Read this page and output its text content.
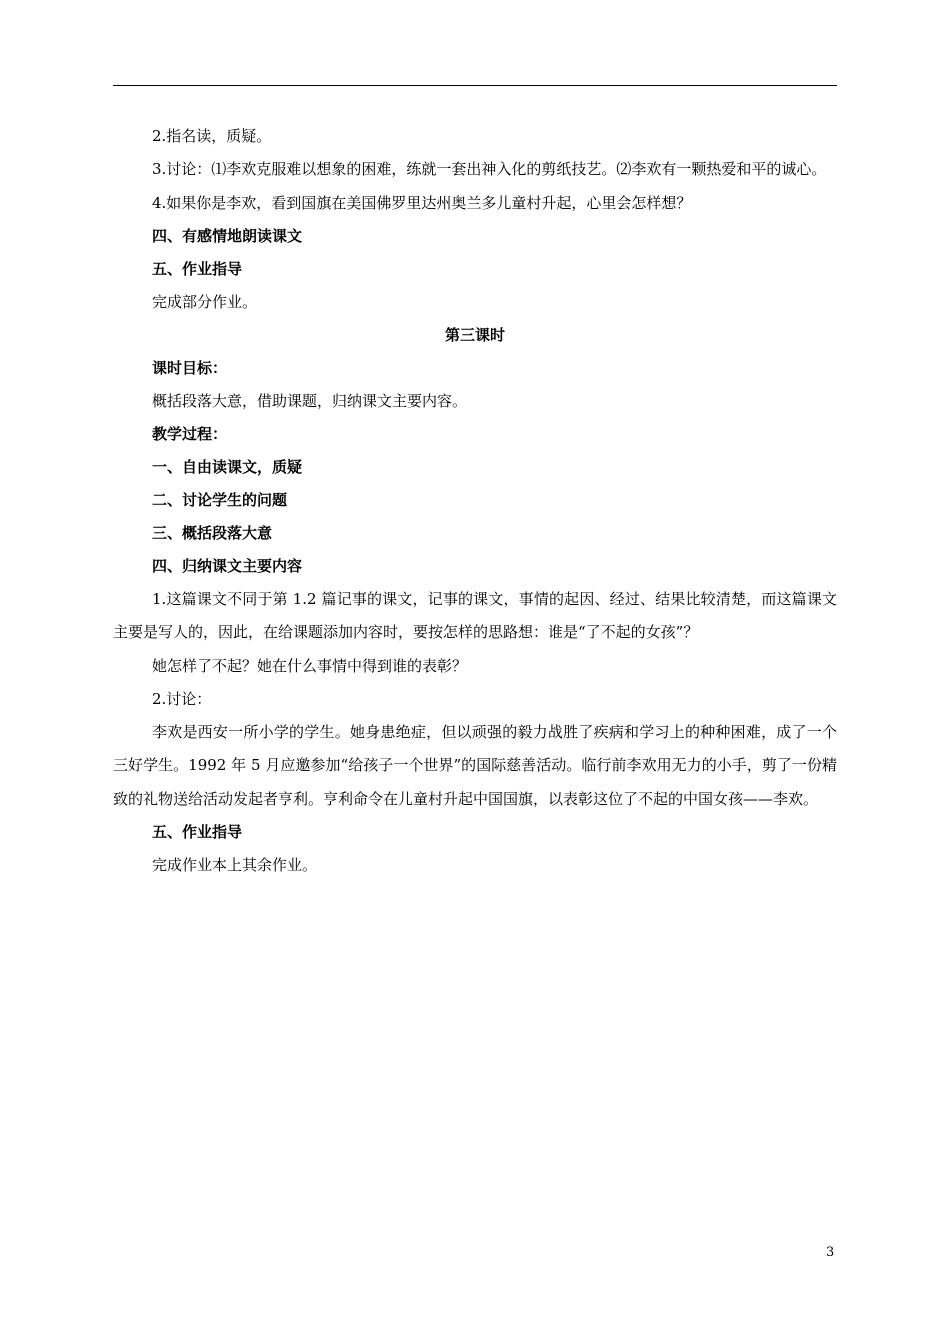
2.指名读，质疑。
3.讨论：⑴李欢克服难以想象的困难，练就一套出神入化的剪纸技艺。⑵李欢有一颗热爱和平的诚心。
4.如果你是李欢，看到国旗在美国佛罗里达州奥兰多儿童村升起，心里会怎样想？
四、有感情地朗读课文
五、作业指导
完成部分作业。
第三课时
课时目标：
概括段落大意，借助课题，归纳课文主要内容。
教学过程：
一、自由读课文，质疑
二、讨论学生的问题
三、概括段落大意
四、归纳课文主要内容
1.这篇课文不同于第 1.2 篇记事的课文，记事的课文，事情的起因、经过、结果比较清楚，而这篇课文主要是写人的，因此，在给课题添加内容时，要按怎样的思路想：谁是“了不起的女孩”？
她怎样了不起？她在什么事情中得到谁的表彰？
2.讨论：
李欢是西安一所小学的学生。她身患绝症，但以顽强的毅力战胜了疾病和学习上的种种困难，成了一个三好学生。1992 年 5 月应邀参加“给孩子一个世界”的国际慈善活动。临行前李欢用无力的小手，剪了一份精致的礼物送给活动发起者亨利。亨利命令在儿童村升起中国国旗，以表彰这位了不起的中国女孩——李欢。
五、作业指导
完成作业本上其余作业。
3
